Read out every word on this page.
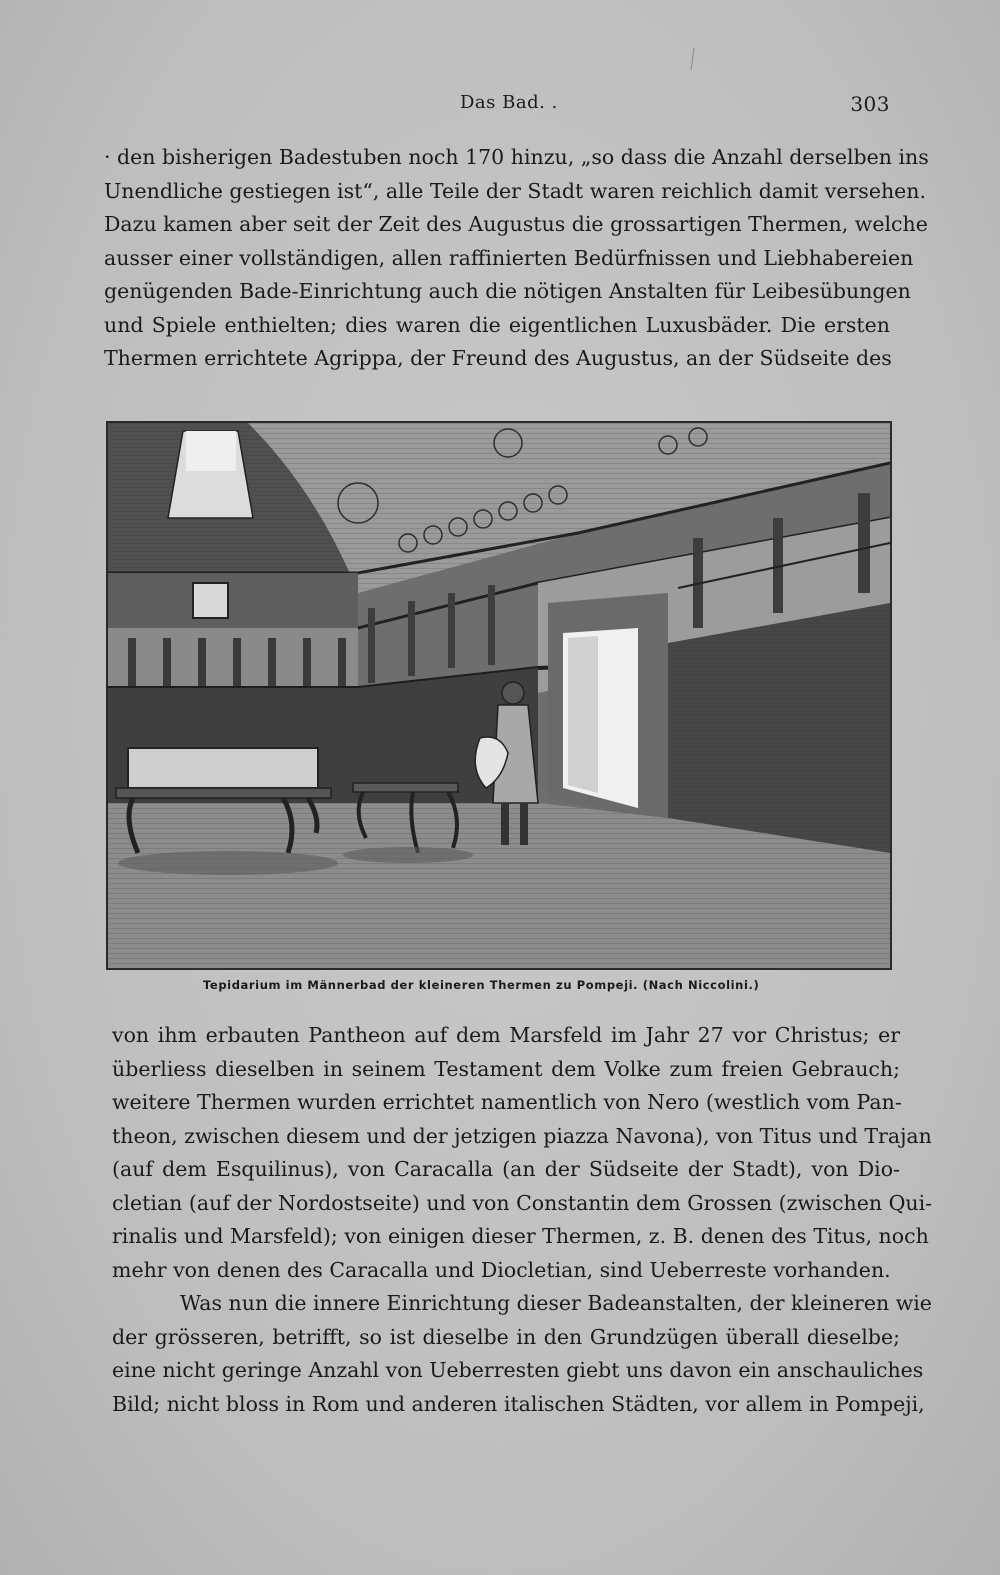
Das Bad. .	303
· den bisherigen Badestuben noch 170 hinzu, „so dass die Anzahl derselben ins
Unendliche gestiegen ist“, alle Teile der Stadt waren reichlich damit versehen.
Dazu kamen aber seit der Zeit des Augustus die grossartigen Thermen, welche
ausser einer vollständigen, allen raffinierten Bedürfnissen und Liebhabereien
genügenden Bade-Einrichtung auch die nötigen Anstalten für Leibesübungen
und Spiele enthielten; dies waren die eigentlichen Luxusbäder. Die ersten
Thermen errichtete Agrippa, der Freund des Augustus, an der Südseite des
Tepidarium im Männerbad der kleineren Thermen zu Pompeji. (Nach Niccolini.)
von ihm erbauten Pantheon auf dem Marsfeld im Jahr 27 vor Christus; er
überliess dieselben in seinem Testament dem Volke zum freien Gebrauch;
weitere Thermen wurden errichtet namentlich von Nero (westlich vom Pan-
theon, zwischen diesem und der jetzigen piazza Navona), von Titus und Trajan
(auf dem Esquilinus), von Caracalla (an der Südseite der Stadt), von Dio-
cletian (auf der Nordostseite) und von Constantin dem Grossen (zwischen Qui-
rinalis und Marsfeld); von einigen dieser Thermen, z. B. denen des Titus, noch
mehr von denen des Caracalla und Diocletian, sind Ueberreste vorhanden.
Was nun die innere Einrichtung dieser Badeanstalten, der kleineren wie
der grösseren, betrifft, so ist dieselbe in den Grundzügen überall dieselbe;
eine nicht geringe Anzahl von Ueberresten giebt uns davon ein anschauliches
Bild; nicht bloss in Rom und anderen italischen Städten, vor allem in Pompeji,
